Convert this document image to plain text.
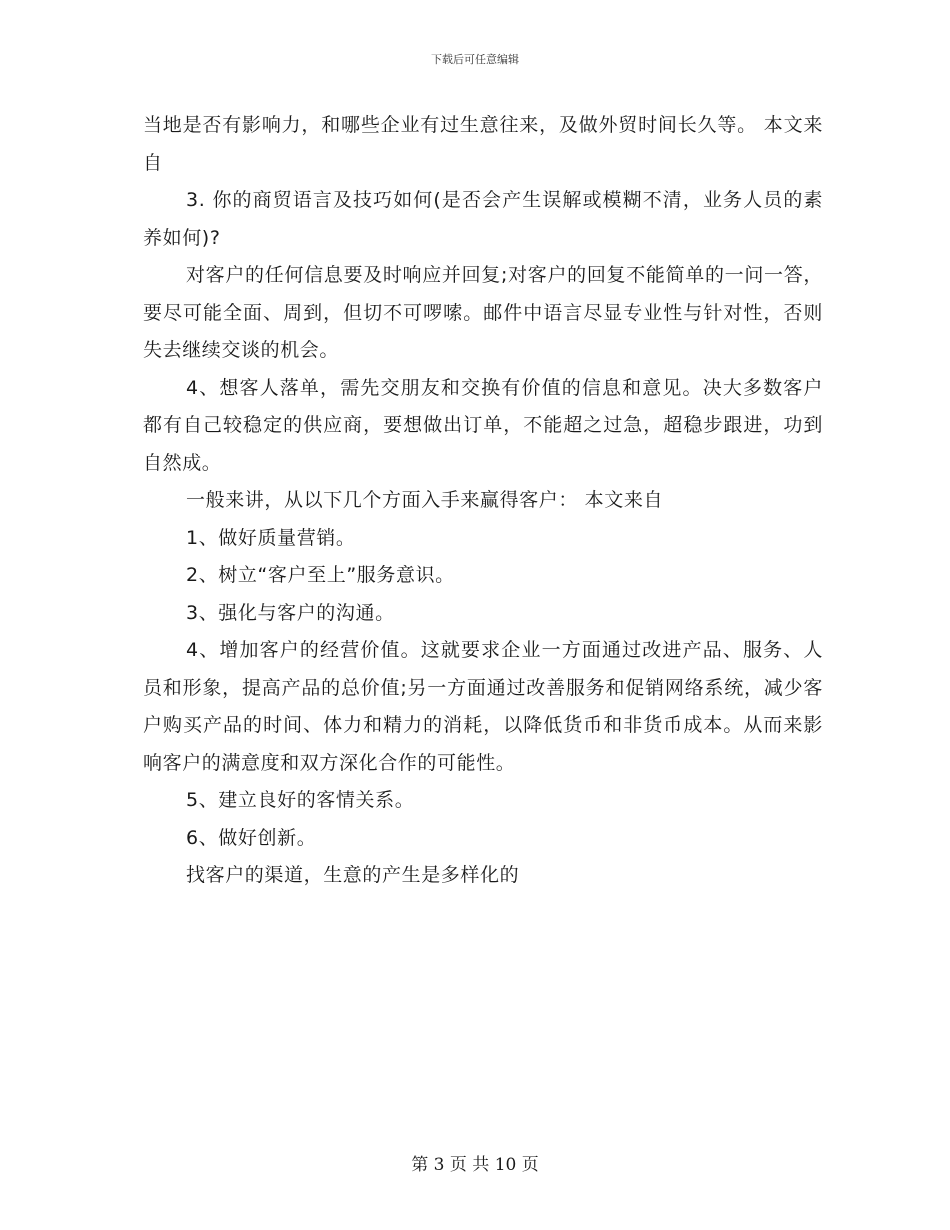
下载后可任意编辑

当地是否有影响力，和哪些企业有过生意往来，及做外贸时间长久等。 本文来自

3. 你的商贸语言及技巧如何(是否会产生误解或模糊不清，业务人员的素养如何)?

对客户的任何信息要及时响应并回复;对客户的回复不能简单的一问一答，要尽可能全面、周到，但切不可啰嗦。邮件中语言尽显专业性与针对性，否则失去继续交谈的机会。

4、想客人落单，需先交朋友和交换有价值的信息和意见。决大多数客户都有自己较稳定的供应商，要想做出订单，不能超之过急，超稳步跟进，功到自然成。

一般来讲，从以下几个方面入手来赢得客户： 本文来自

1、做好质量营销。

2、树立“客户至上”服务意识。

3、强化与客户的沟通。

4、增加客户的经营价值。这就要求企业一方面通过改进产品、服务、人员和形象，提高产品的总价值;另一方面通过改善服务和促销网络系统，减少客户购买产品的时间、体力和精力的消耗，以降低货币和非货币成本。从而来影响客户的满意度和双方深化合作的可能性。

5、建立良好的客情关系。

6、做好创新。

找客户的渠道，生意的产生是多样化的

第 3 页 共 10 页
